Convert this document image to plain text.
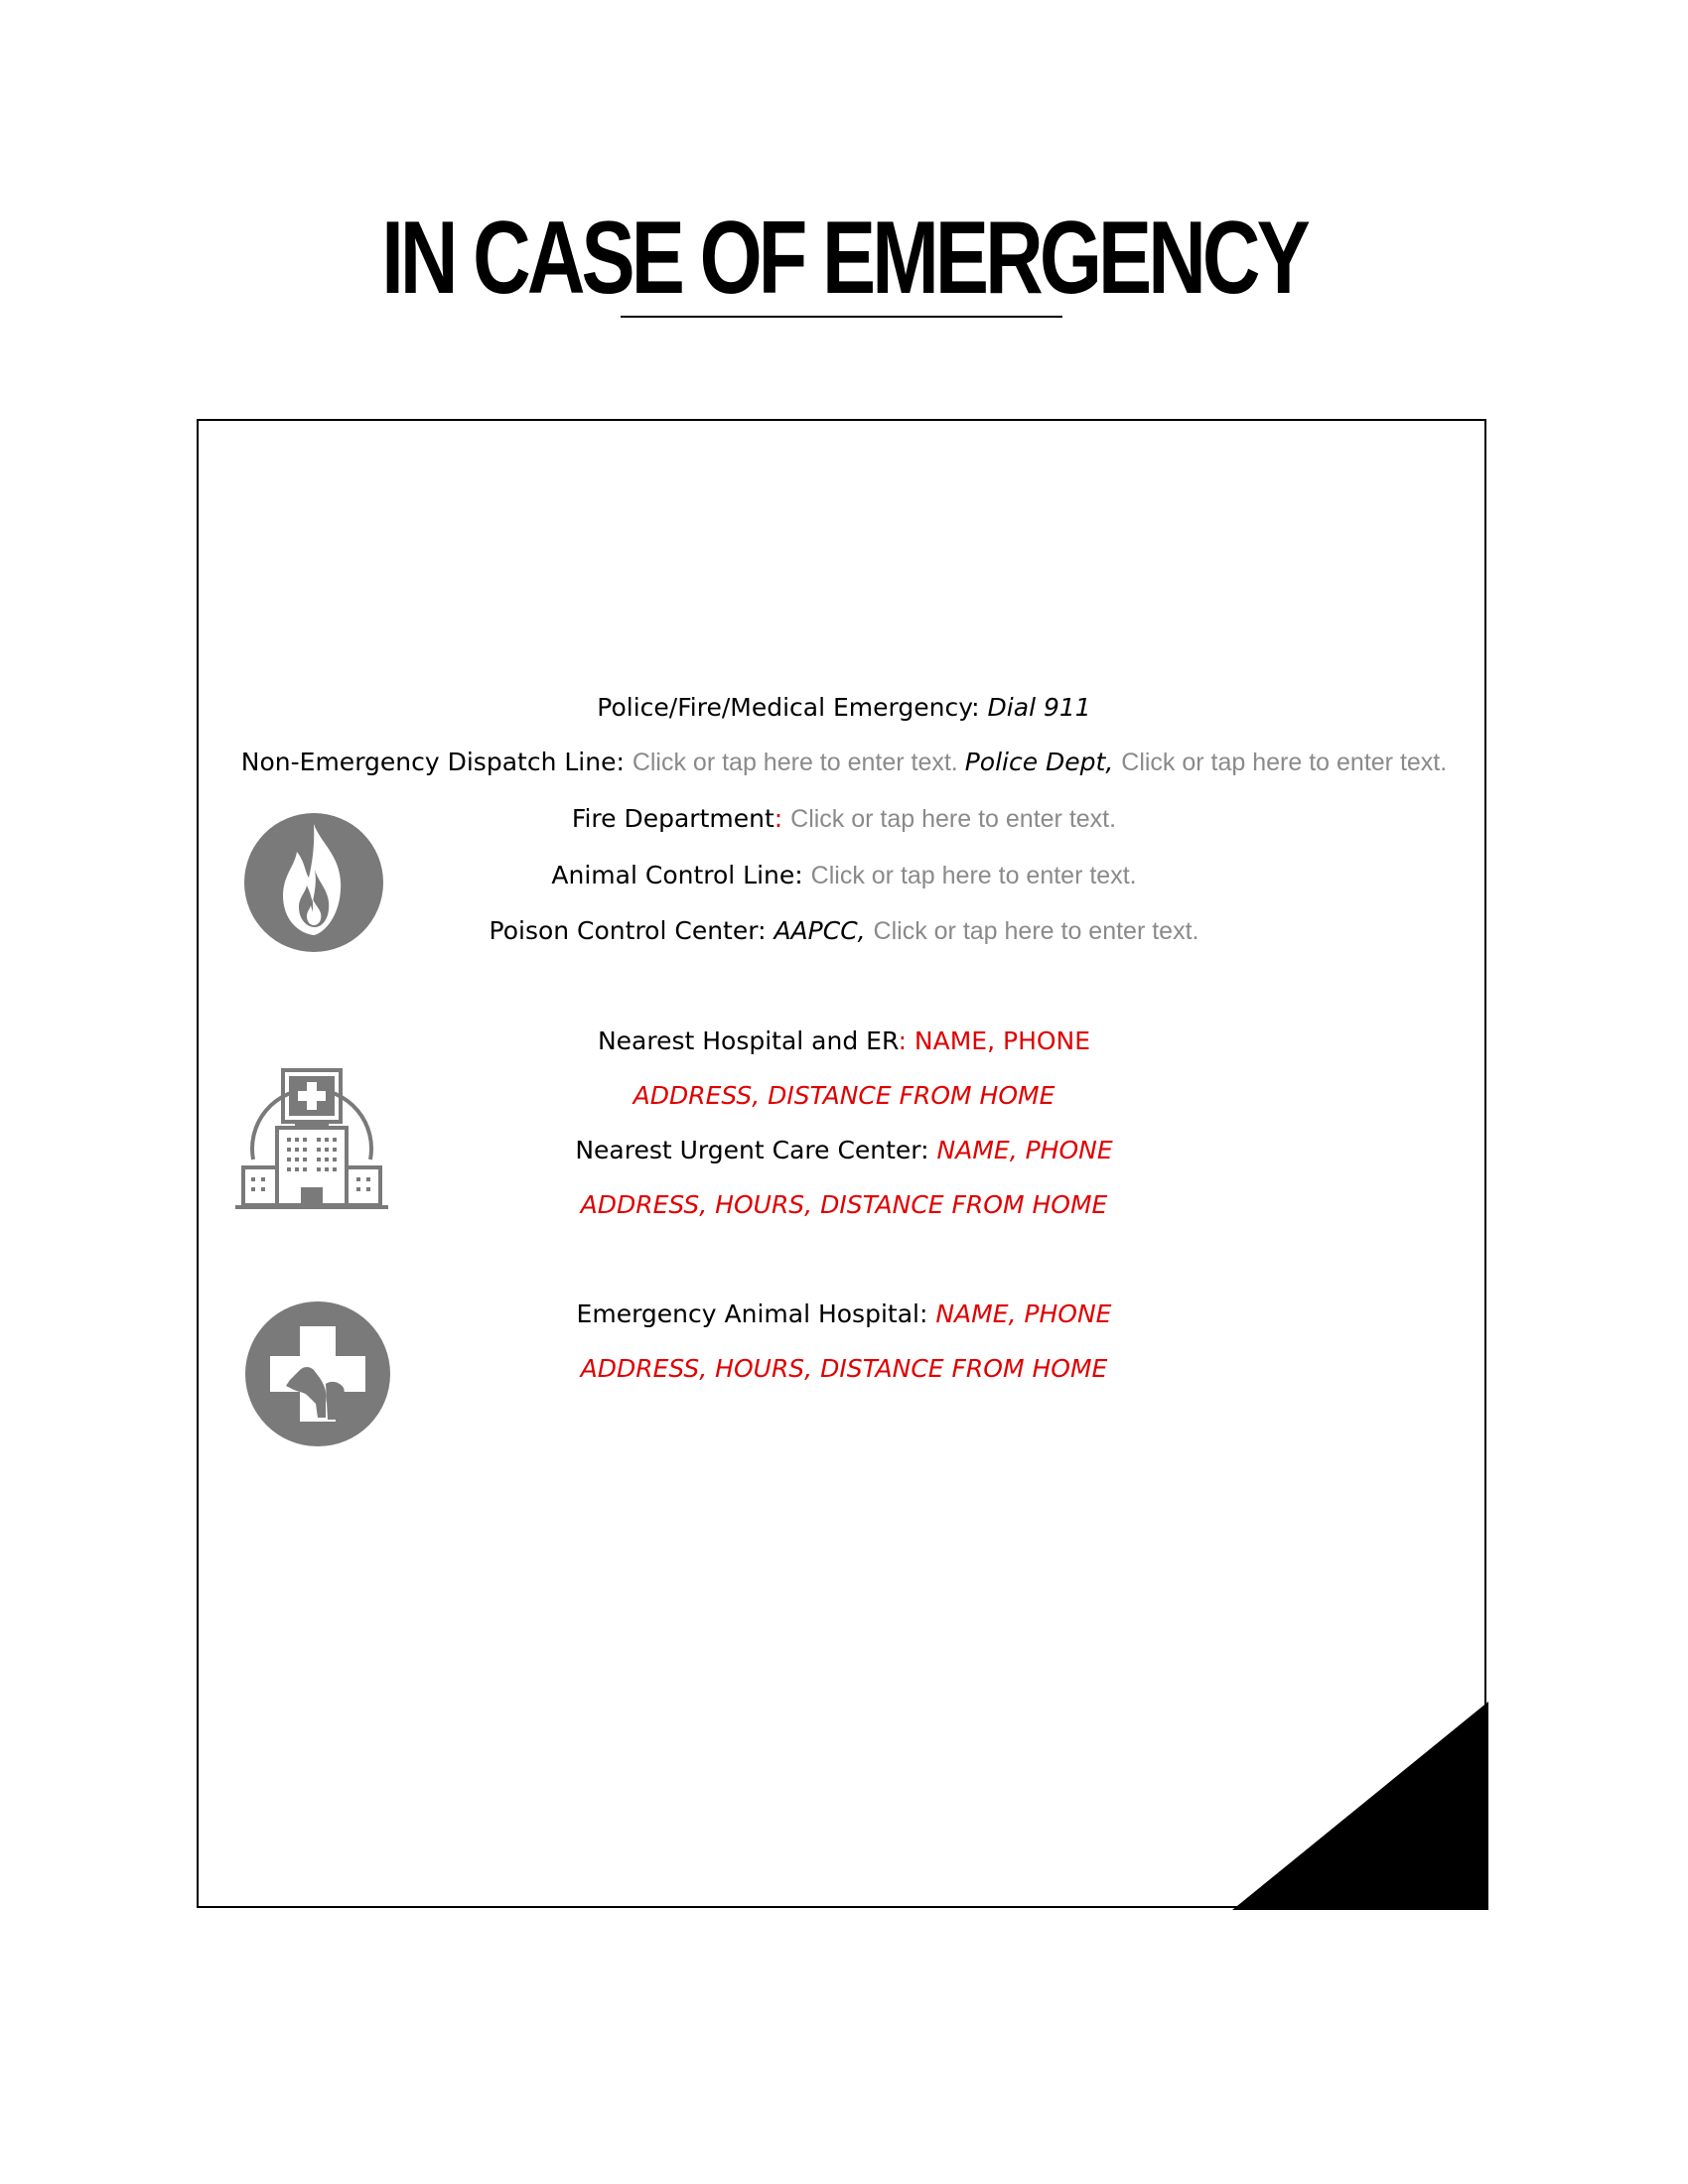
IN CASE OF EMERGENCY
Police/Fire/Medical Emergency: Dial 911
Non-Emergency Dispatch Line: Click or tap here to enter text. Police Dept, Click or tap here to enter text.
Fire Department: Click or tap here to enter text.
Animal Control Line: Click or tap here to enter text.
Poison Control Center: AAPCC, Click or tap here to enter text.
Nearest Hospital and ER: NAME, PHONE
ADDRESS, DISTANCE FROM HOME
Nearest Urgent Care Center: NAME, PHONE
ADDRESS, HOURS, DISTANCE FROM HOME
Emergency Animal Hospital: NAME, PHONE
ADDRESS, HOURS, DISTANCE FROM HOME
